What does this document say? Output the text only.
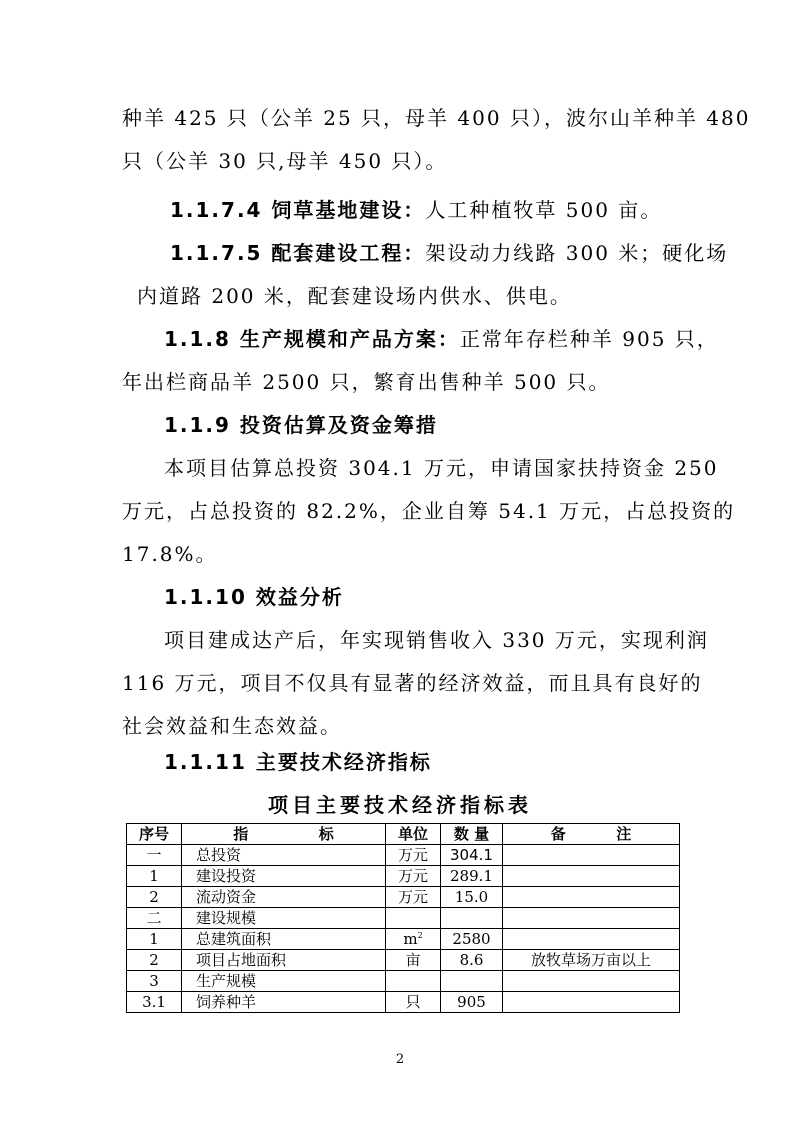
种羊 425 只（公羊 25 只，母羊 400 只），波尔山羊种羊 480
只（公羊 30 只,母羊 450 只）。
1.1.7.4 饲草基地建设：人工种植牧草 500 亩。
1.1.7.5 配套建设工程：架设动力线路 300 米；硬化场
内道路 200 米，配套建设场内供水、供电。
1.1.8 生产规模和产品方案：正常年存栏种羊 905 只，
年出栏商品羊 2500 只，繁育出售种羊 500 只。
1.1.9 投资估算及资金筹措
本项目估算总投资 304.1 万元，申请国家扶持资金 250
万元，占总投资的 82.2%，企业自筹 54.1 万元，占总投资的
17.8%。
1.1.10 效益分析
项目建成达产后，年实现销售收入 330 万元，实现利润
116 万元，项目不仅具有显著的经济效益，而且具有良好的
社会效益和生态效益。
1.1.11 主要技术经济指标
项目主要技术经济指标表
序号	指 标	单位	数 量	备 注
一	总投资	万元	304.1	
1	建设投资	万元	289.1	
2	流动资金	万元	15.0	
二	建设规模			
1	总建筑面积	$m^2$	2580	
2	项目占地面积	亩	8.6	放牧草场万亩以上
3	生产规模			
3.1	饲养种羊	只	905	
2
